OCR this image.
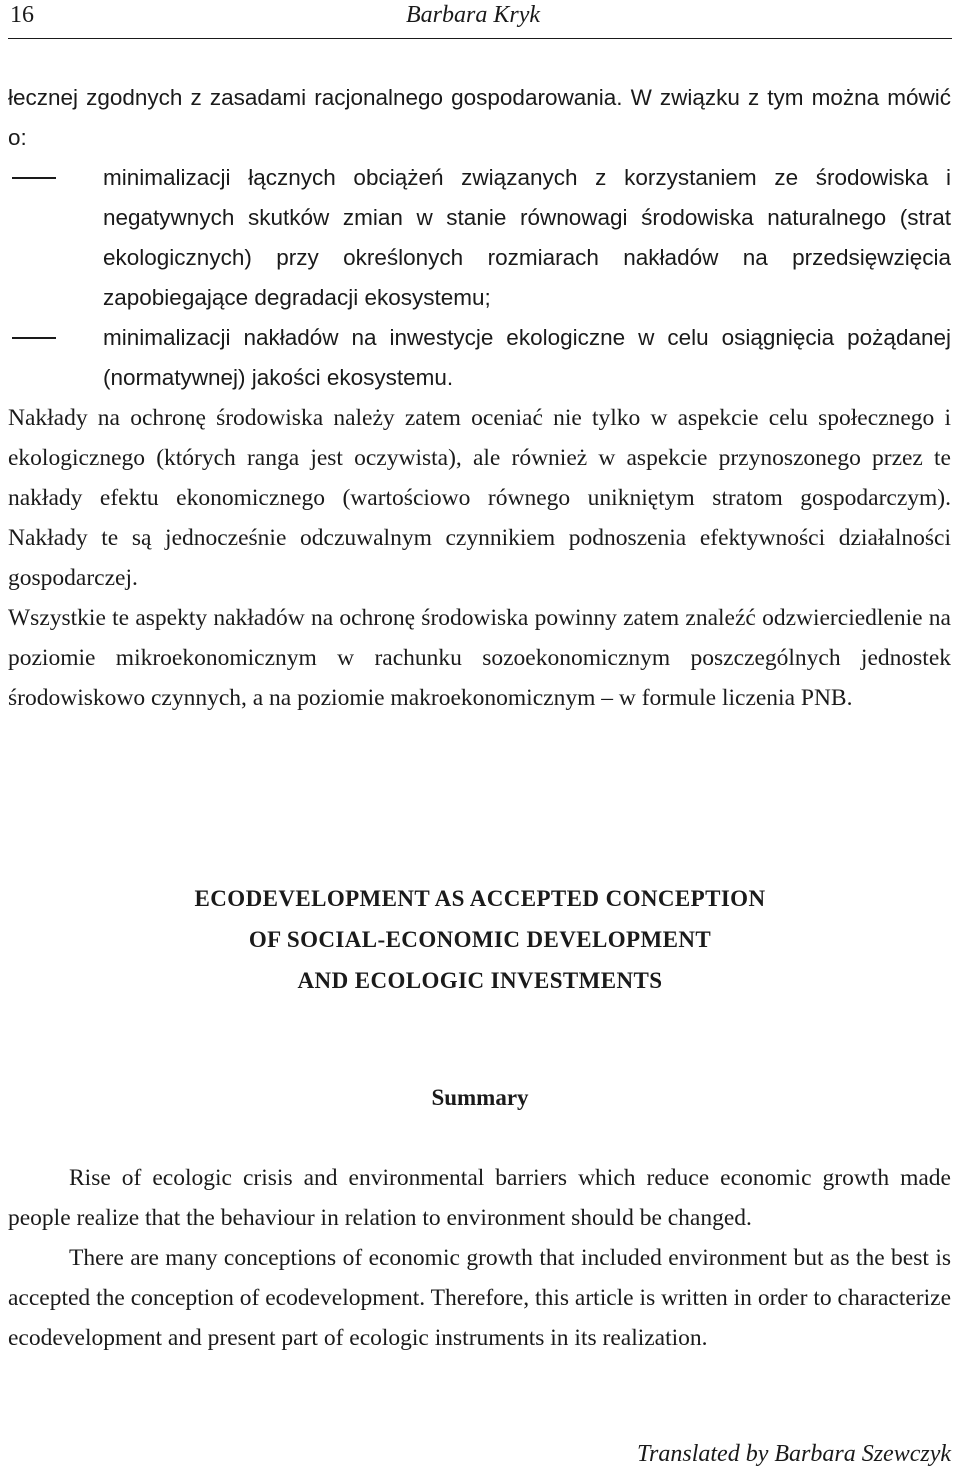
16	Barbara Kryk

łecznej zgodnych z zasadami racjonalnego gospodarowania. W związku z tym można mówić o:

minimalizacji łącznych obciążeń związanych z korzystaniem ze środowiska i negatywnych skutków zmian w stanie równowagi środowiska naturalnego (strat ekologicznych) przy określonych rozmiarach nakładów na przedsięwzięcia zapobiegające degradacji ekosystemu;
minimalizacji nakładów na inwestycje ekologiczne w celu osiągnięcia pożądanej (normatywnej) jakości ekosystemu.

Nakłady na ochronę środowiska należy zatem oceniać nie tylko w aspekcie celu społecznego i ekologicznego (których ranga jest oczywista), ale również w aspekcie przynoszonego przez te nakłady efektu ekonomicznego (wartościowo równego unikniętym stratom gospodarczym). Nakłady te są jednocześnie odczuwalnym czynnikiem podnoszenia efektywności działalności gospodarczej.

Wszystkie te aspekty nakładów na ochronę środowiska powinny zatem znaleźć odzwierciedlenie na poziomie mikroekonomicznym w rachunku sozoekonomicznym poszczególnych jednostek środowiskowo czynnych, a na poziomie makroekonomicznym – w formule liczenia PNB.

ECODEVELOPMENT AS ACCEPTED CONCEPTION
OF SOCIAL-ECONOMIC DEVELOPMENT
AND ECOLOGIC INVESTMENTS
Summary

Rise of ecologic crisis and environmental barriers which reduce economic growth made people realize that the behaviour in relation to environment should be changed.

There are many conceptions of economic growth that included environment but as the best is accepted the conception of ecodevelopment. Therefore, this article is written in order to characterize ecodevelopment and present part of ecologic instruments in its realization.

Translated by Barbara Szewczyk
